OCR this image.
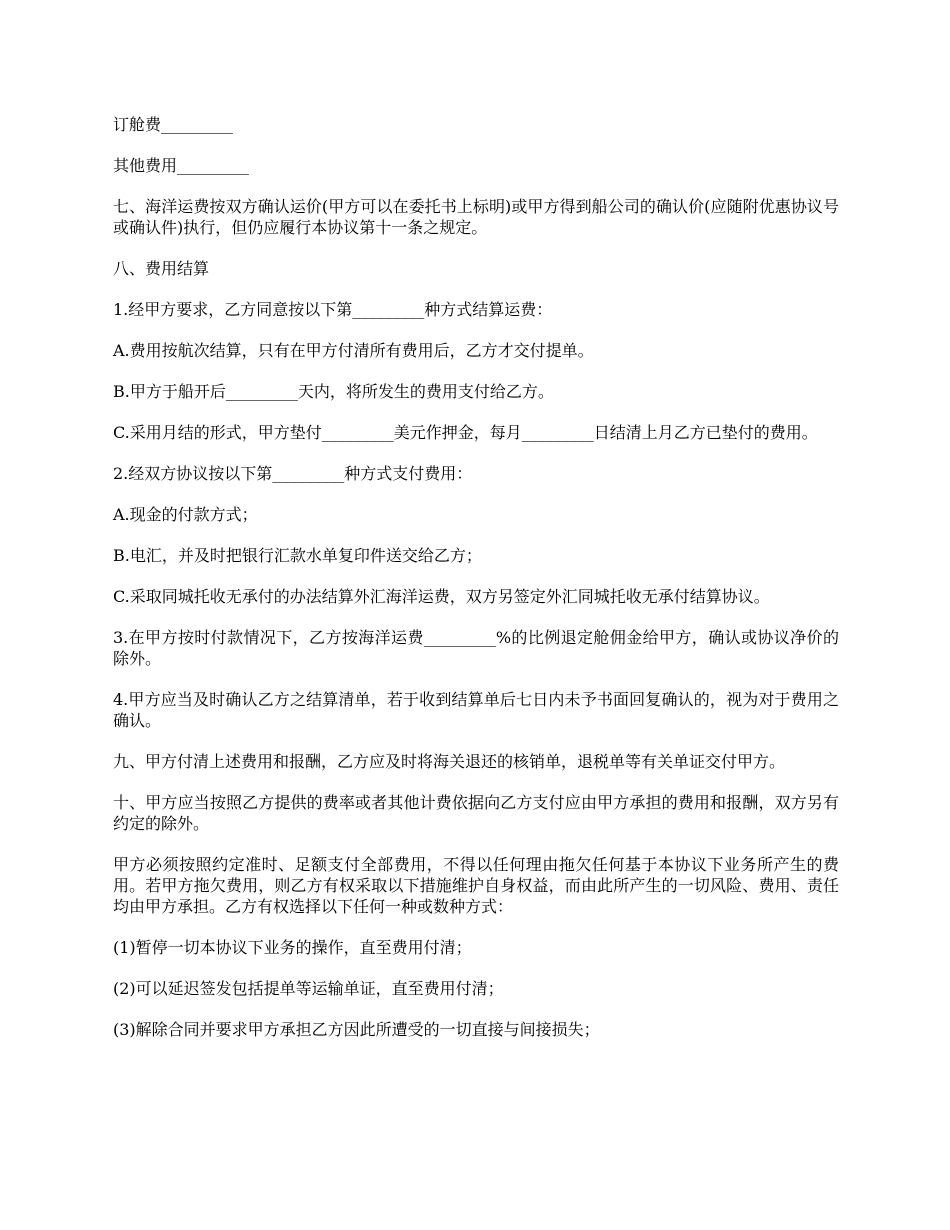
订舱费_________

其他费用_________

七、海洋运费按双方确认运价(甲方可以在委托书上标明)或甲方得到船公司的确认价(应随附优惠协议号或确认件)执行，但仍应履行本协议第十一条之规定。

八、费用结算

1.经甲方要求，乙方同意按以下第_________种方式结算运费：

A.费用按航次结算，只有在甲方付清所有费用后，乙方才交付提单。

B.甲方于船开后_________天内，将所发生的费用支付给乙方。

C.采用月结的形式，甲方垫付_________美元作押金，每月_________日结清上月乙方已垫付的费用。

2.经双方协议按以下第_________种方式支付费用：

A.现金的付款方式；

B.电汇，并及时把银行汇款水单复印件送交给乙方；

C.采取同城托收无承付的办法结算外汇海洋运费，双方另签定外汇同城托收无承付结算协议。

3.在甲方按时付款情况下，乙方按海洋运费_________%的比例退定舱佣金给甲方，确认或协议净价的除外。

4.甲方应当及时确认乙方之结算清单，若于收到结算单后七日内未予书面回复确认的，视为对于费用之确认。

九、甲方付清上述费用和报酬，乙方应及时将海关退还的核销单，退税单等有关单证交付甲方。

十、甲方应当按照乙方提供的费率或者其他计费依据向乙方支付应由甲方承担的费用和报酬，双方另有约定的除外。

甲方必须按照约定准时、足额支付全部费用，不得以任何理由拖欠任何基于本协议下业务所产生的费用。若甲方拖欠费用，则乙方有权采取以下措施维护自身权益，而由此所产生的一切风险、费用、责任均由甲方承担。乙方有权选择以下任何一种或数种方式：

(1)暂停一切本协议下业务的操作，直至费用付清；

(2)可以延迟签发包括提单等运输单证，直至费用付清；

(3)解除合同并要求甲方承担乙方因此所遭受的一切直接与间接损失；
